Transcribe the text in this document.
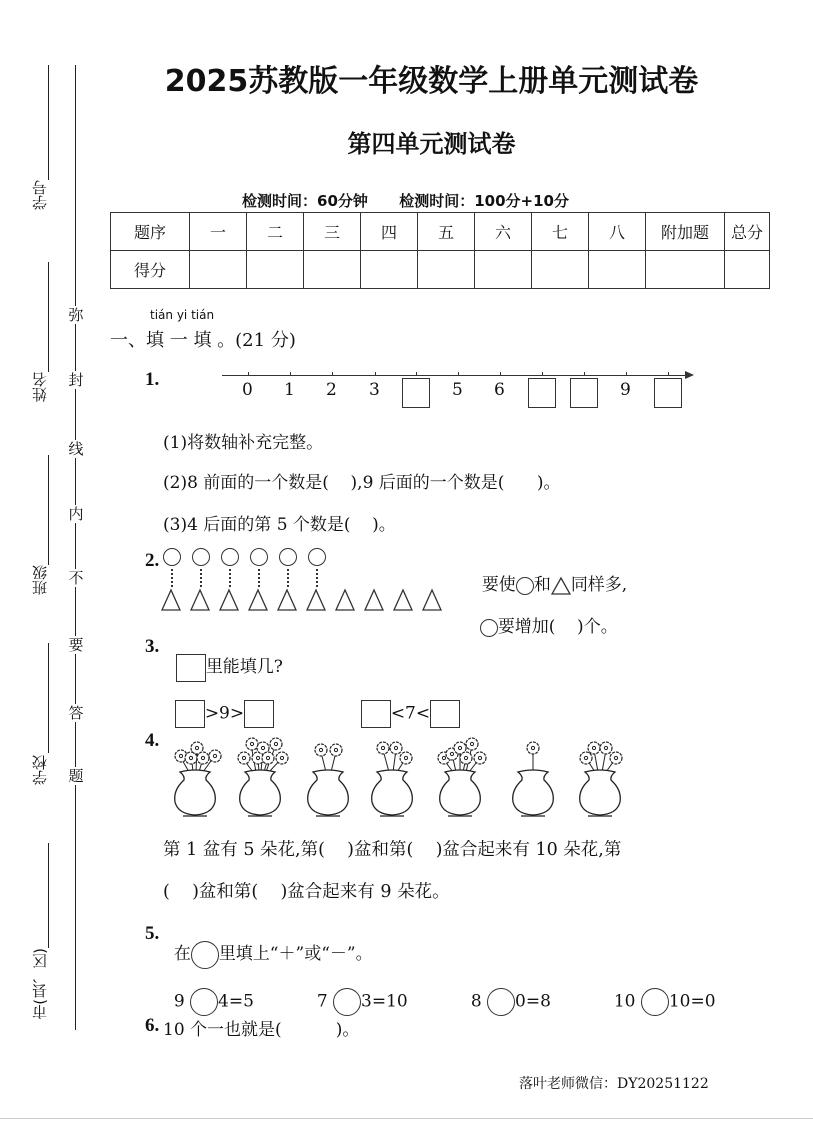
学号
姓名
班级
学校
市(县、区)
弥
封
线
内
不
要
答
题
2025苏教版一年级数学上册单元测试卷
第四单元测试卷
检测时间：60分钟      检测时间：100分+10分
题序	一	二	三	四	五	六	七	八	附加题	总分
得分										
tián yi tián
一、填 一 填 。(21 分)
1.	0 1 2 3	5 6	9
(1)将数轴补充完整。
(2)8 前面的一个数是(    ),9 后面的一个数是(      )。
(3)4 后面的第 5 个数是(    )。
2.

要使 和 同样多,

要增加(    )个。

3.

里能填几?

>9>	<7<

4.
第 1 盆有 5 朵花,第(    )盆和第(    )盆合起来有 10 朵花,第
(    )盆和第(    )盆合起来有 9 朵花。
5.

在 里填上“＋”或“－”。

9 4=5	7 3=10	8 0=8	10 10=0

6. 10 个一也就是(          )。
落叶老师微信：DY20251122
